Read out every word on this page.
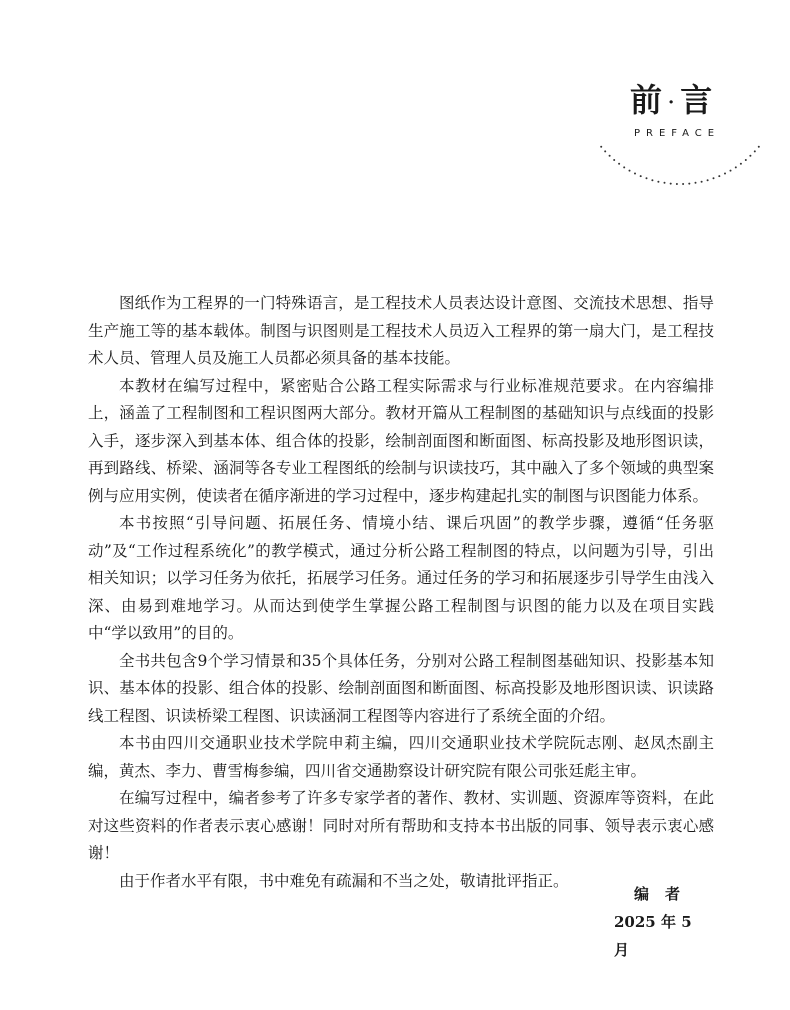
前 · 言
PREFACE

图纸作为工程界的一门特殊语言，是工程技术人员表达设计意图、交流技术思想、指导生产施工等的基本载体。制图与识图则是工程技术人员迈入工程界的第一扇大门，是工程技术人员、管理人员及施工人员都必须具备的基本技能。

本教材在编写过程中，紧密贴合公路工程实际需求与行业标准规范要求。在内容编排上，涵盖了工程制图和工程识图两大部分。教材开篇从工程制图的基础知识与点线面的投影入手，逐步深入到基本体、组合体的投影，绘制剖面图和断面图、标高投影及地形图识读，再到路线、桥梁、涵洞等各专业工程图纸的绘制与识读技巧，其中融入了多个领域的典型案例与应用实例，使读者在循序渐进的学习过程中，逐步构建起扎实的制图与识图能力体系。

本书按照“引导问题、拓展任务、情境小结、课后巩固”的教学步骤，遵循“任务驱动”及“工作过程系统化”的教学模式，通过分析公路工程制图的特点，以问题为引导，引出相关知识；以学习任务为依托，拓展学习任务。通过任务的学习和拓展逐步引导学生由浅入深、由易到难地学习。从而达到使学生掌握公路工程制图与识图的能力以及在项目实践中“学以致用”的目的。

全书共包含9个学习情景和35个具体任务，分别对公路工程制图基础知识、投影基本知识、基本体的投影、组合体的投影、绘制剖面图和断面图、标高投影及地形图识读、识读路线工程图、识读桥梁工程图、识读涵洞工程图等内容进行了系统全面的介绍。

本书由四川交通职业技术学院申莉主编，四川交通职业技术学院阮志刚、赵凤杰副主编，黄杰、李力、曹雪梅参编，四川省交通勘察设计研究院有限公司张廷彪主审。

在编写过程中，编者参考了许多专家学者的著作、教材、实训题、资源库等资料，在此对这些资料的作者表示衷心感谢！同时对所有帮助和支持本书出版的同事、领导表示衷心感谢！

由于作者水平有限，书中难免有疏漏和不当之处，敬请批评指正。

编者
2025 年 5 月
